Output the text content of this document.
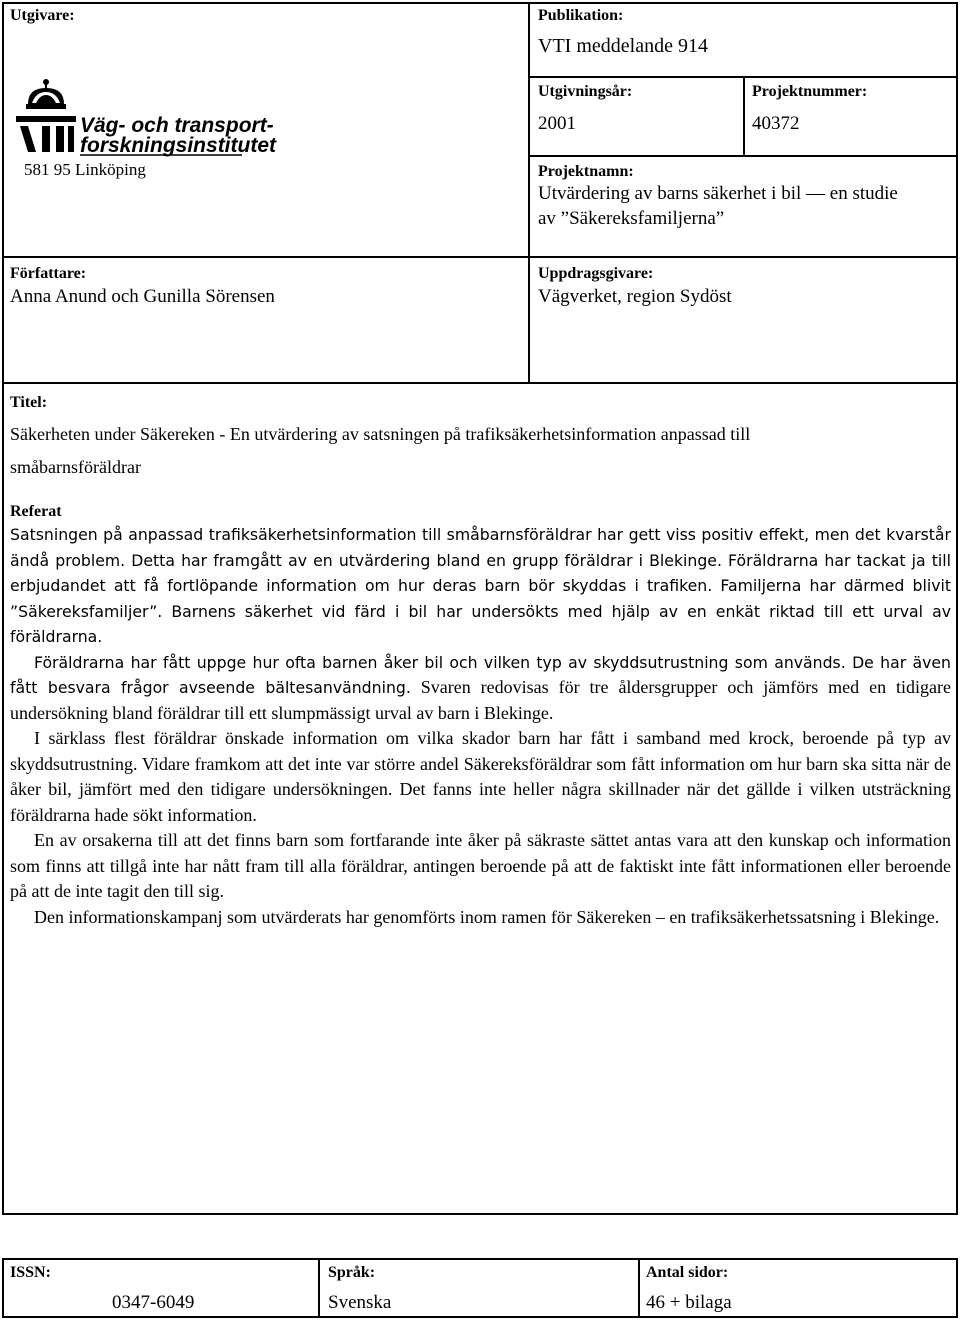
Utgivare:
Väg- och transport-
forskningsinstitutet
581 95 Linköping
Publikation:
VTI meddelande 914
Utgivningsår:
2001
Projektnummer:
40372
Projektnamn:
Utvärdering av barns säkerhet i bil — en studie
av ”Säkereksfamiljerna”
Författare:
Anna Anund och Gunilla Sörensen
Uppdragsgivare:
Vägverket, region Sydöst
Titel:
Säkerheten under Säkereken - En utvärdering av satsningen på trafiksäkerhetsinformation anpassad till
småbarnsföräldrar
Referat

Satsningen på anpassad trafiksäkerhetsinformation till småbarnsföräldrar har gett viss positiv effekt, men det kvarstår ändå problem. Detta har framgått av en utvärdering bland en grupp föräldrar i Blekinge. Föräldrarna har tackat ja till erbjudandet att få fortlöpande information om hur deras barn bör skyddas i trafiken. Familjerna har därmed blivit ”Säkereksfamiljer”. Barnens säkerhet vid färd i bil har undersökts med hjälp av en enkät riktad till ett urval av föräldrarna.

Föräldrarna har fått uppge hur ofta barnen åker bil och vilken typ av skyddsutrustning som används. De har även fått besvara frågor avseende bältesanvändning. Svaren redovisas för tre åldersgrupper och jämförs med en tidigare undersökning bland föräldrar till ett slumpmässigt urval av barn i Blekinge.

I särklass flest föräldrar önskade information om vilka skador barn har fått i samband med krock, beroende på typ av skyddsutrustning. Vidare framkom att det inte var större andel Säkereksföräldrar som fått information om hur barn ska sitta när de åker bil, jämfört med den tidigare undersökningen. Det fanns inte heller några skillnader när det gällde i vilken utsträckning föräldrarna hade sökt information.

En av orsakerna till att det finns barn som fortfarande inte åker på säkraste sättet antas vara att den kunskap och information som finns att tillgå inte har nått fram till alla föräldrar, antingen beroende på att de faktiskt inte fått informationen eller beroende på att de inte tagit den till sig.

Den informationskampanj som utvärderats har genomförts inom ramen för Säkereken – en trafiksäkerhetssatsning i Blekinge.

ISSN:
0347-6049
Språk:
Svenska
Antal sidor:
46 + bilaga
